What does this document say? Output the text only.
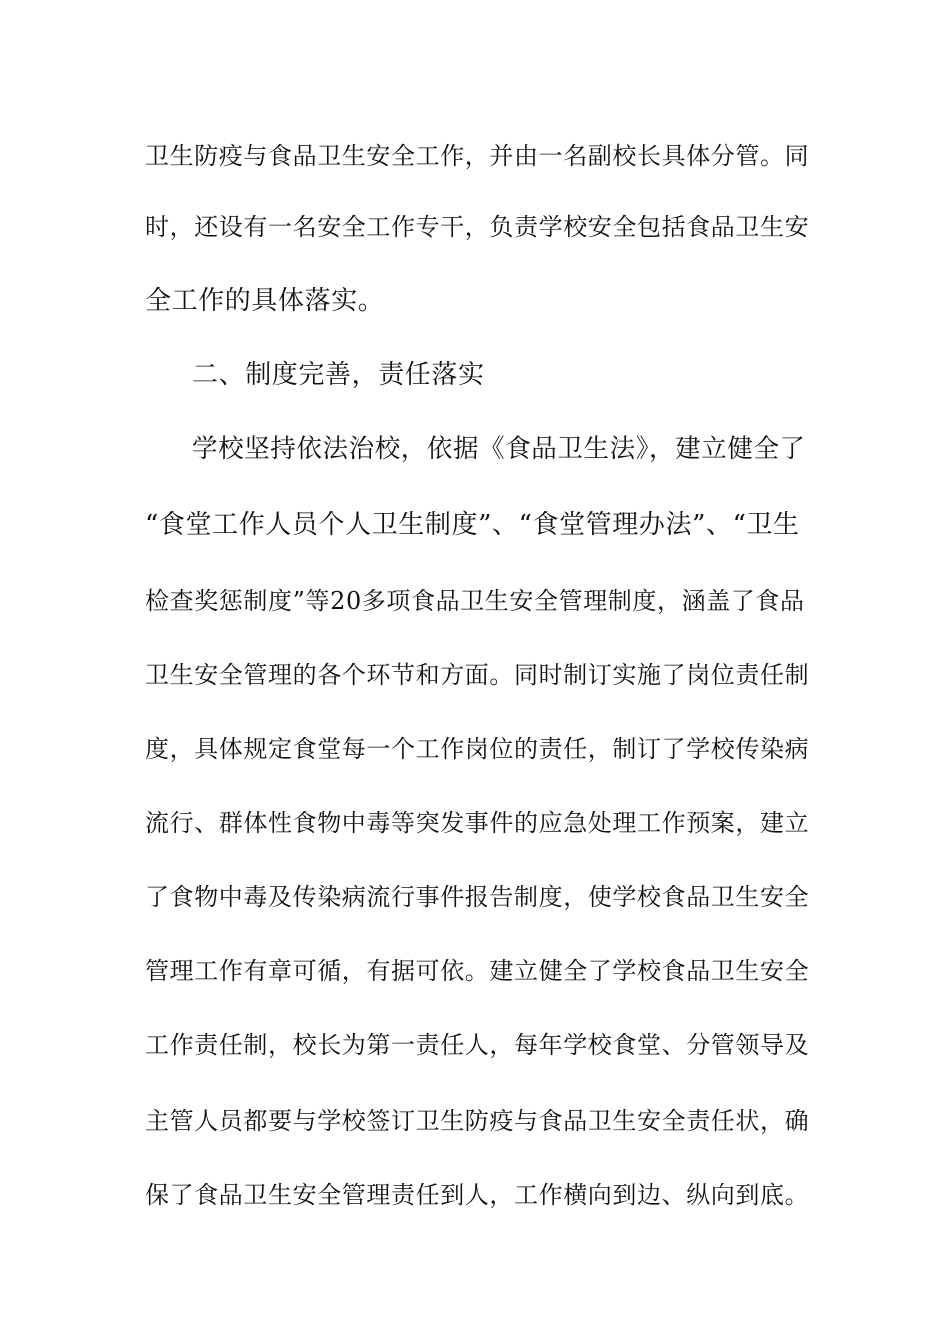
卫生防疫与食品卫生安全工作，并由一名副校长具体分管。同
时，还设有一名安全工作专干，负责学校安全包括食品卫生安
全工作的具体落实。
二、制度完善，责任落实
学校坚持依法治校，依据《食品卫生法》，建立健全了
“食堂工作人员个人卫生制度”、“食堂管理办法”、“卫生
检查奖惩制度”等20多项食品卫生安全管理制度，涵盖了食品
卫生安全管理的各个环节和方面。同时制订实施了岗位责任制
度，具体规定食堂每一个工作岗位的责任，制订了学校传染病
流行、群体性食物中毒等突发事件的应急处理工作预案，建立
了食物中毒及传染病流行事件报告制度，使学校食品卫生安全
管理工作有章可循，有据可依。建立健全了学校食品卫生安全
工作责任制，校长为第一责任人，每年学校食堂、分管领导及
主管人员都要与学校签订卫生防疫与食品卫生安全责任状，确
保了食品卫生安全管理责任到人，工作横向到边、纵向到底。
